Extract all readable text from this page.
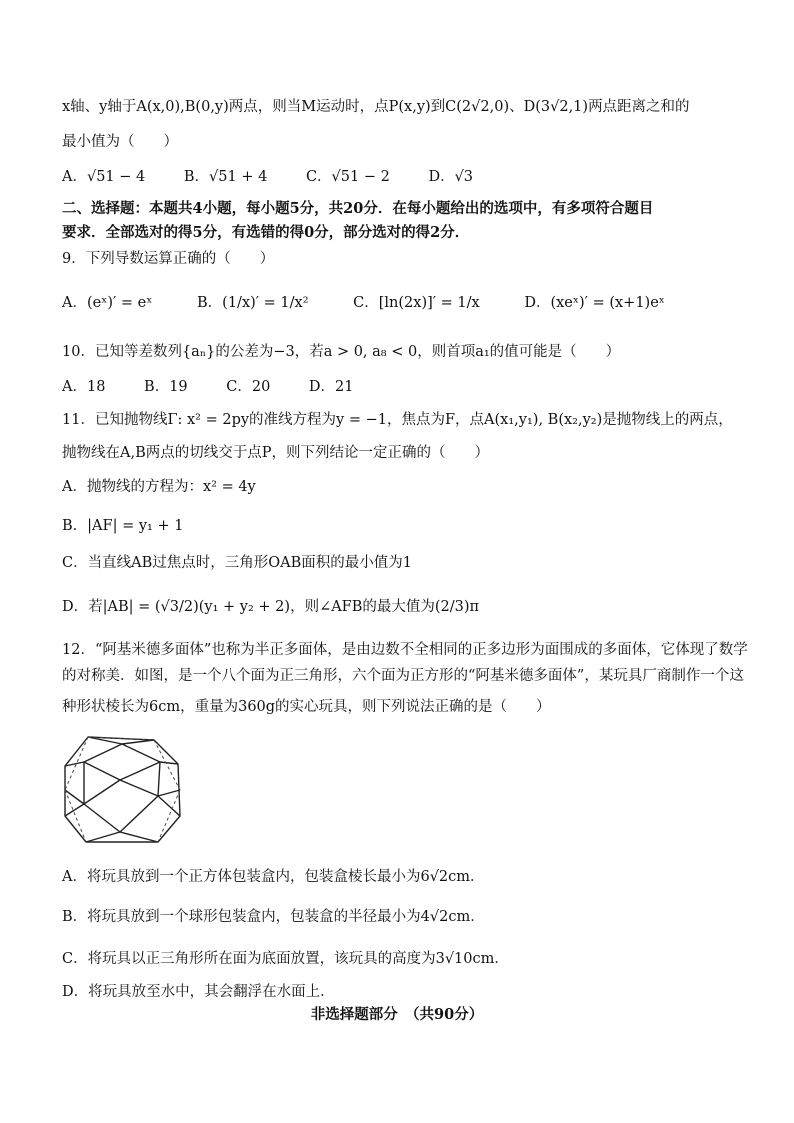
x轴、y轴于A(x,0),B(0,y)两点，则当M运动时，点P(x,y)到C(2√2,0)、D(3√2,1)两点距离之和的
最小值为（　　）
A．√51 − 4	B．√51 + 4	C．√51 − 2	D．√3
二、选择题：本题共4小题，每小题5分，共20分．在每小题给出的选项中，有多项符合题目
要求．全部选对的得5分，有选错的得0分，部分选对的得2分．
9．下列导数运算正确的（　　）
A．(eˣ)′ = eˣ	B．(1/x)′ = 1/x²	C．[ln(2x)]′ = 1/x	D．(xeˣ)′ = (x+1)eˣ
10．已知等差数列{aₙ}的公差为−3，若a > 0, a₈ < 0，则首项a₁的值可能是（　　）
A．18	B．19	C．20	D．21
11．已知抛物线Γ: x² = 2py的准线方程为y = −1，焦点为F，点A(x₁,y₁), B(x₂,y₂)是抛物线上的两点，
抛物线在A,B两点的切线交于点P，则下列结论一定正确的（　　）
A．抛物线的方程为：x² = 4y
B．|AF| = y₁ + 1
C．当直线AB过焦点时，三角形OAB面积的最小值为1
D．若|AB| = (√3/2)(y₁ + y₂ + 2)，则∠AFB的最大值为(2/3)π
12．“阿基米德多面体”也称为半正多面体，是由边数不全相同的正多边形为面围成的多面体，它体现了数学
的对称美．如图，是一个八个面为正三角形，六个面为正方形的“阿基米德多面体”，某玩具厂商制作一个这
种形状棱长为6cm，重量为360g的实心玩具，则下列说法正确的是（　　）
A．将玩具放到一个正方体包装盒内，包装盒棱长最小为6√2cm．
B．将玩具放到一个球形包装盒内，包装盒的半径最小为4√2cm．
C．将玩具以正三角形所在面为底面放置，该玩具的高度为3√10cm．
D．将玩具放至水中，其会翻浮在水面上．
非选择题部分　（共90分）
